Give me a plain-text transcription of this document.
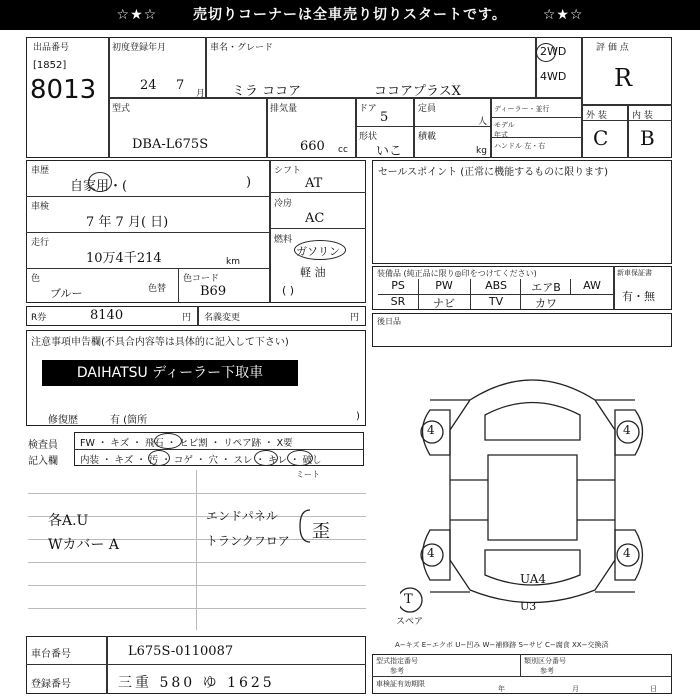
☆★☆	売切りコーナーは全車売り切りスタートです。	☆★☆
出品番号
[1852]
8013
初度登録年月
24 7
月
車名・グレード
ミラ ココア	ココアプラスX
2WD
4WD
評 価 点
R
型式
DBA-L675S
排気量
660 cc
ドア
5
形状
いこ
定員
人
積載
kg
ディーラー・並行
モデル
年式
ハンドル 左・右
外 装	内 装
C B
車歴
自家用・(	)
車検
7 年 7 月( 日)
走行
10万4千214	km
色
ブルー	色替
色コード
B69
シフト
AT
冷房
AC
燃料
ガソリン
軽 油
( )
セールスポイント (正常に機能するものに限ります)
装備品 (純正品に限り◎印をつけてください)	新車保証書
有・無
PS	PW	ABS	エアB	AW
SR	ナビ	TV	カワ
R券	8140	円 名義変更	円
注意事項申告欄(不具合内容等は具体的に記入して下さい)
DAIHATSU ディーラー下取車
修復歴	有 (箇所	)
後日品
検査員
記入欄
FW ・ キズ ・ 飛石 ・ ヒビ割 ・ リペア跡 ・ X要
内装 ・ キズ ・ 汚 ・ コゲ ・ 穴 ・ スレ ・ キレ ・ 破し
ミート
各A.U
Wカバー A
エンドパネル
トランクフロア 歪
4	4
4	4
UA4
U3
T
スペア
A−キズ E−エクボ U−凹み W−補修跡 S−サビ C−腐食 XX−交換済
車台番号	L675S-0110087
登録番号	三重 580 ゆ 1625
型式指定番号	類別区分番号
参考	参考
車検証有効期限
年	月	日
